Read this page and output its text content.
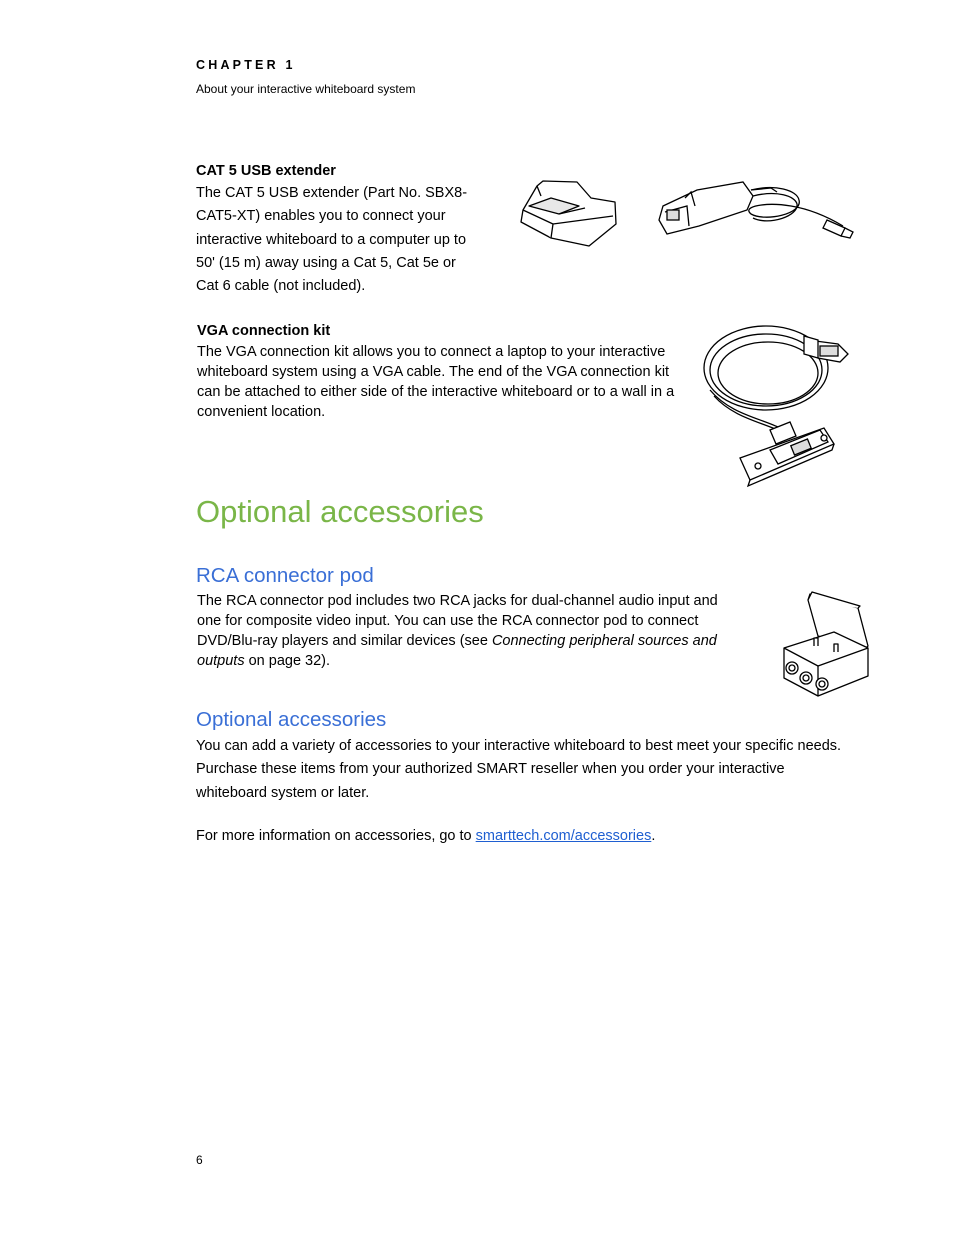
CHAPTER 1
About your interactive whiteboard system
CAT 5 USB extender
The CAT 5 USB extender (Part No. SBX8-
CAT5-XT) enables you to connect your
interactive whiteboard to a computer up to
50' (15 m) away using a Cat 5, Cat 5e or
Cat 6 cable (not included).
VGA connection kit
The VGA connection kit allows you to connect a laptop to your interactive
whiteboard system using a VGA cable. The end of the VGA connection kit
can be attached to either side of the interactive whiteboard or to a wall in a
convenient location.
Optional accessories
RCA connector pod
The RCA connector pod includes two RCA jacks for dual-channel audio input and
one for composite video input. You can use the RCA connector pod to connect
DVD/Blu-ray players and similar devices (see Connecting peripheral sources and
outputs on page 32).
Optional accessories
You can add a variety of accessories to your interactive whiteboard to best meet your specific needs.
Purchase these items from your authorized SMART reseller when you order your interactive
whiteboard system or later.
For more information on accessories, go to smarttech.com/accessories.
6
